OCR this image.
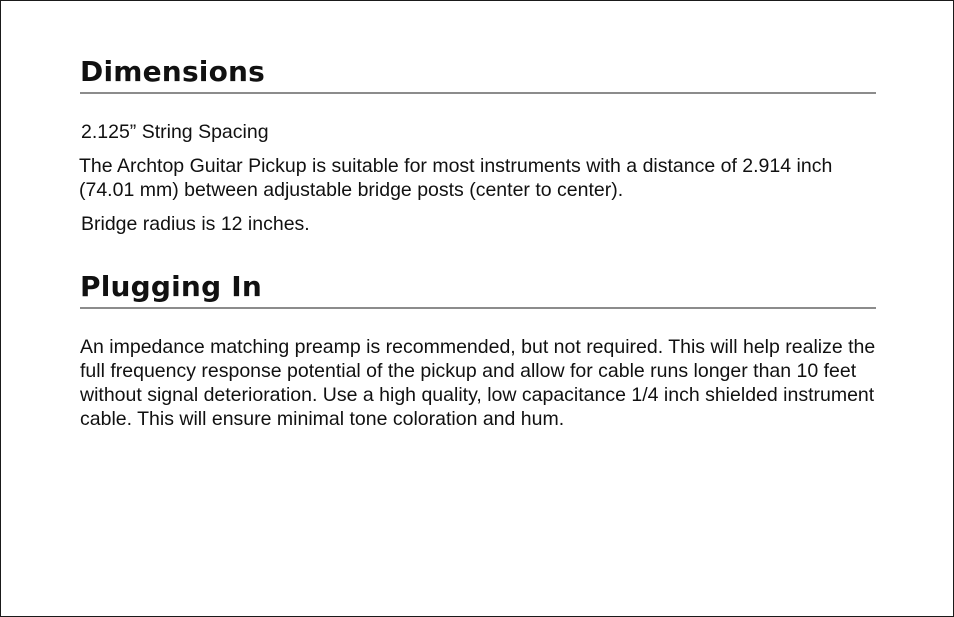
Dimensions

2.125” String Spacing

The Archtop Guitar Pickup is suitable for most instruments with a distance of 2.914 inch (74.01 mm) between adjustable bridge posts (center to center).

Bridge radius is 12 inches.

Plugging In

An impedance matching preamp is recommended, but not required. This will help realize the full frequency response potential of the pickup and allow for cable runs longer than 10 feet without signal deterioration. Use a high quality, low capacitance 1/4 inch shielded instrument cable. This will ensure minimal tone coloration and hum.
